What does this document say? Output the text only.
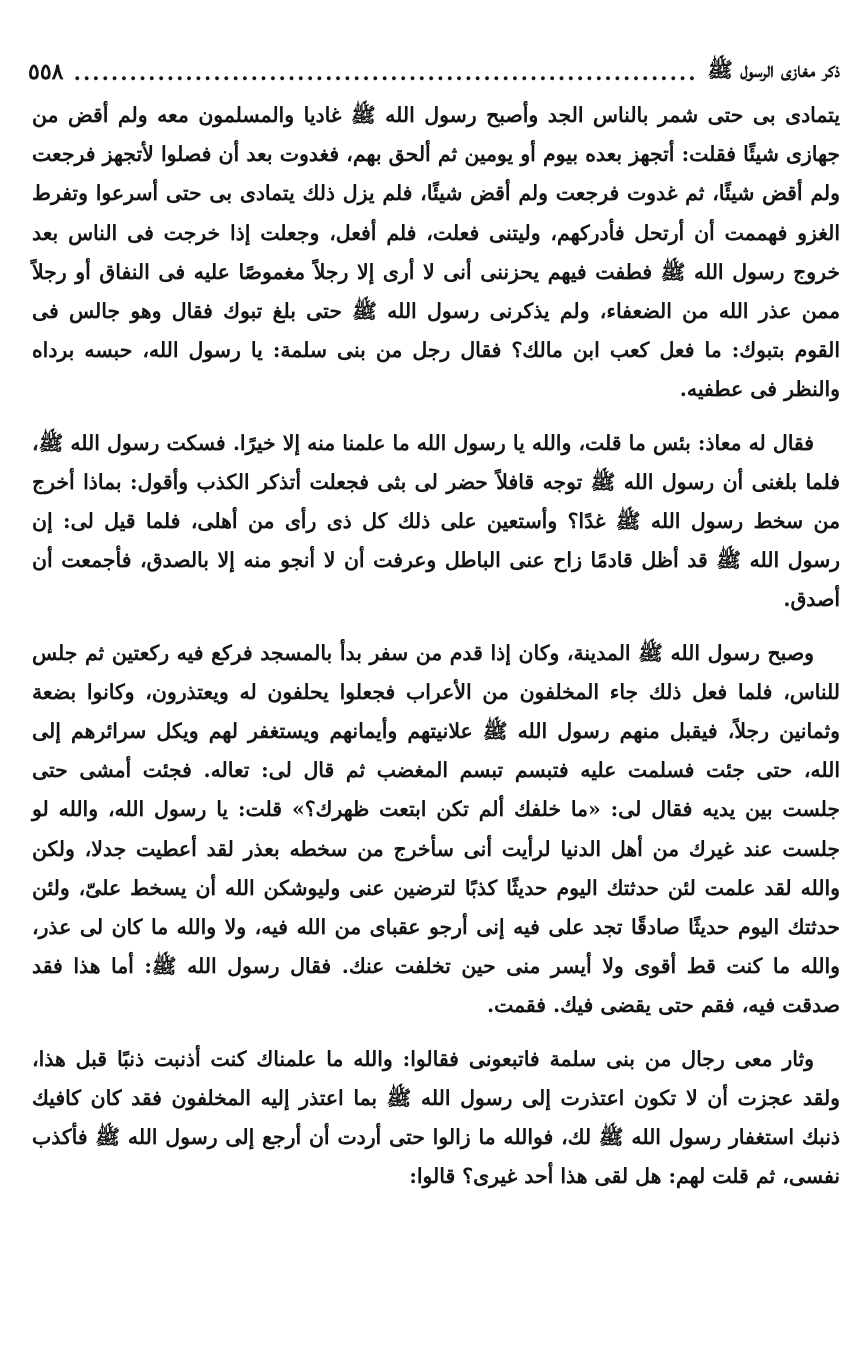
ذكر مغازى الرسول ﷺ
.....
٥٥٨

يتمادى بى حتى شمر بالناس الجد وأصبح رسول الله ﷺ غاديا والمسلمون معه ولم أقض من جهازى شيئًا فقلت: أتجهز بعده بيوم أو يومين ثم ألحق بهم، فغدوت بعد أن فصلوا لأتجهز فرجعت ولم أقض شيئًا، ثم غدوت فرجعت ولم أقض شيئًا، فلم يزل ذلك يتمادى بى حتى أسرعوا وتفرط الغزو فهممت أن أرتحل فأدركهم، وليتنى فعلت، فلم أفعل، وجعلت إذا خرجت فى الناس بعد خروج رسول الله ﷺ فطفت فيهم يحزننى أنى لا أرى إلا رجلاً مغموصًا عليه فى النفاق أو رجلاً ممن عذر الله من الضعفاء، ولم يذكرنى رسول الله ﷺ حتى بلغ تبوك فقال وهو جالس فى القوم بتبوك: ما فعل كعب ابن مالك؟ فقال رجل من بنى سلمة: يا رسول الله، حبسه برداه والنظر فى عطفيه.

فقال له معاذ: بئس ما قلت، والله يا رسول الله ما علمنا منه إلا خيرًا. فسكت رسول الله ﷺ، فلما بلغنى أن رسول الله ﷺ توجه قافلاً حضر لى بثى فجعلت أتذكر الكذب وأقول: بماذا أخرج من سخط رسول الله ﷺ غدًا؟ وأستعين على ذلك كل ذى رأى من أهلى، فلما قيل لى: إن رسول الله ﷺ قد أظل قادمًا زاح عنى الباطل وعرفت أن لا أنجو منه إلا بالصدق، فأجمعت أن أصدق.

وصبح رسول الله ﷺ المدينة، وكان إذا قدم من سفر بدأ بالمسجد فركع فيه ركعتين ثم جلس للناس، فلما فعل ذلك جاء المخلفون من الأعراب فجعلوا يحلفون له ويعتذرون، وكانوا بضعة وثمانين رجلاً، فيقبل منهم رسول الله ﷺ علانيتهم وأيمانهم ويستغفر لهم ويكل سرائرهم إلى الله، حتى جئت فسلمت عليه فتبسم تبسم المغضب ثم قال لى: تعاله. فجئت أمشى حتى جلست بين يديه فقال لى: «ما خلفك ألم تكن ابتعت ظهرك؟» قلت: يا رسول الله، والله لو جلست عند غيرك من أهل الدنيا لرأيت أنى سأخرج من سخطه بعذر لقد أعطيت جدلا، ولكن والله لقد علمت لئن حدثتك اليوم حديثًا كذبًا لترضين عنى وليوشكن الله أن يسخط علىّ، ولئن حدثتك اليوم حديثًا صادقًا تجد على فيه إنى أرجو عقباى من الله فيه، ولا والله ما كان لى عذر، والله ما كنت قط أقوى ولا أيسر منى حين تخلفت عنك. فقال رسول الله ﷺ: أما هذا فقد صدقت فيه، فقم حتى يقضى فيك. فقمت.

وثار معى رجال من بنى سلمة فاتبعونى فقالوا: والله ما علمناك كنت أذنبت ذنبًا قبل هذا، ولقد عجزت أن لا تكون اعتذرت إلى رسول الله ﷺ بما اعتذر إليه المخلفون فقد كان كافيك ذنبك استغفار رسول الله ﷺ لك، فوالله ما زالوا حتى أردت أن أرجع إلى رسول الله ﷺ فأكذب نفسى، ثم قلت لهم: هل لقى هذا أحد غيرى؟ قالوا:
